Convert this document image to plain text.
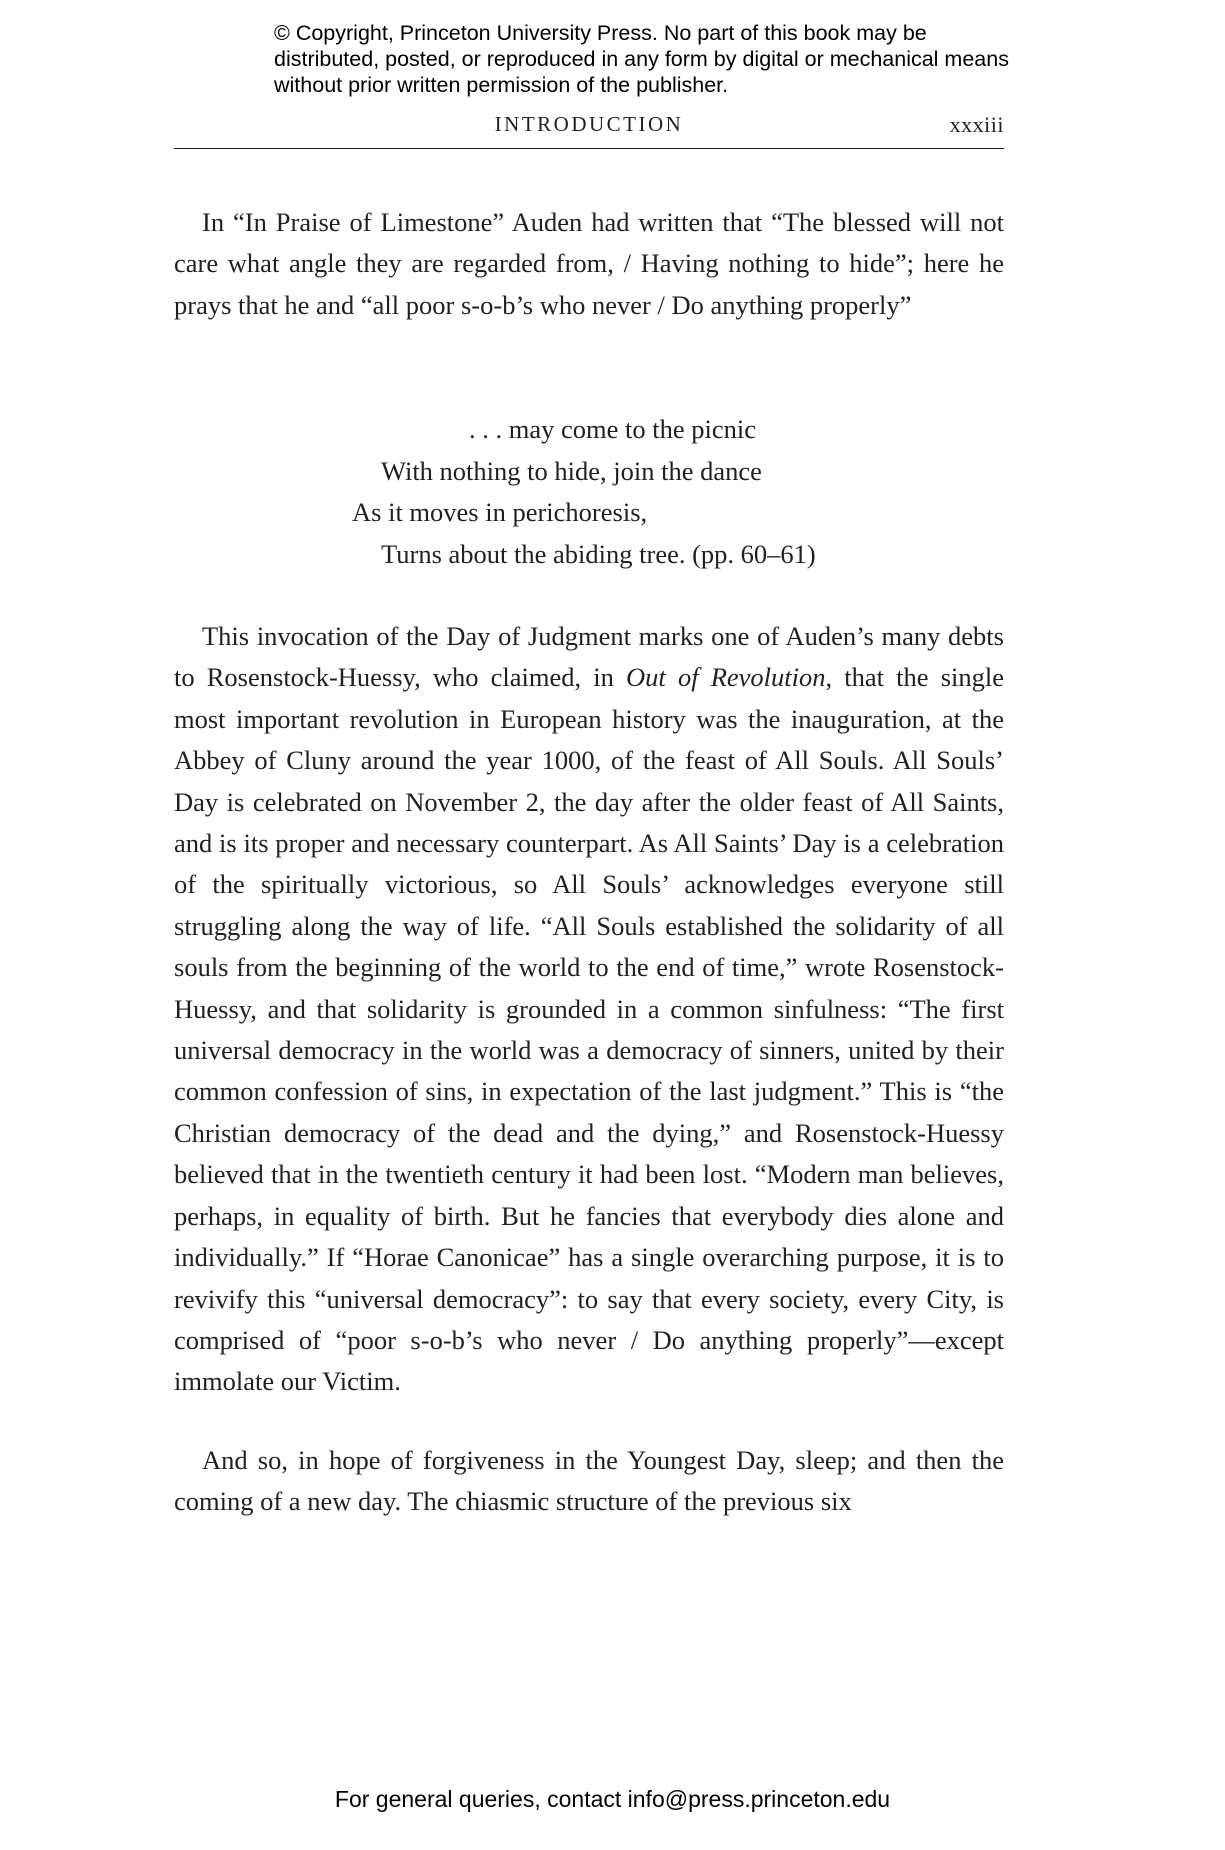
© Copyright, Princeton University Press. No part of this book may be distributed, posted, or reproduced in any form by digital or mechanical means without prior written permission of the publisher.
INTRODUCTION	xxxiii

In “In Praise of Limestone” Auden had written that “The blessed will not care what angle they are regarded from, / Having nothing to hide”; here he prays that he and “all poor s-o-b’s who never / Do anything properly”

. . . may come to the picnic
With nothing to hide, join the dance
As it moves in perichoresis,
Turns about the abiding tree. (pp. 60–61)

This invocation of the Day of Judgment marks one of Auden’s many debts to Rosenstock-Huessy, who claimed, in Out of Revolution, that the single most important revolution in European history was the inauguration, at the Abbey of Cluny around the year 1000, of the feast of All Souls. All Souls’ Day is celebrated on November 2, the day after the older feast of All Saints, and is its proper and necessary counterpart. As All Saints’ Day is a celebration of the spiritually victorious, so All Souls’ acknowledges everyone still struggling along the way of life. “All Souls established the solidarity of all souls from the beginning of the world to the end of time,” wrote Rosenstock-Huessy, and that solidarity is grounded in a common sinfulness: “The first universal democracy in the world was a democracy of sinners, united by their common confession of sins, in expectation of the last judgment.” This is “the Christian democracy of the dead and the dying,” and Rosenstock-Huessy believed that in the twentieth century it had been lost. “Modern man believes, perhaps, in equality of birth. But he fancies that everybody dies alone and individually.” If “Horae Canonicae” has a single overarching purpose, it is to revivify this “universal democracy”: to say that every society, every City, is comprised of “poor s-o-b’s who never / Do anything properly”—except immolate our Victim.

And so, in hope of forgiveness in the Youngest Day, sleep; and then the coming of a new day. The chiasmic structure of the previous six

For general queries, contact info@press.princeton.edu
